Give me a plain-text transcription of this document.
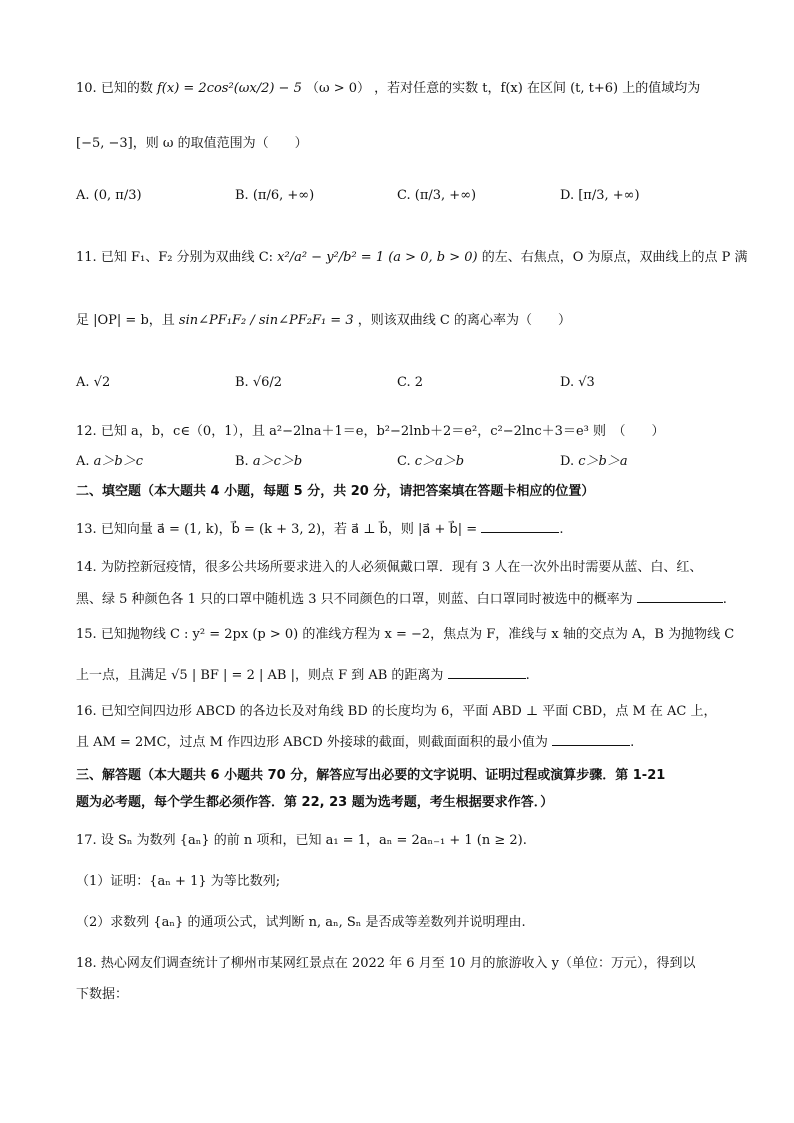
10. 已知的数 f(x) = 2cos²(ωx/2) − 5 （ω > 0） ，若对任意的实数 t，f(x) 在区间 (t, t+6) 上的值域均为
[−5, −3]，则 ω 的取值范围为（　　）
A. (0, π/3)	B. (π/6, +∞)	C. (π/3, +∞)	D. [π/3, +∞)
11. 已知 F₁、F₂ 分别为双曲线 C: x²/a² − y²/b² = 1 (a > 0, b > 0) 的左、右焦点，O 为原点，双曲线上的点 P 满
足 |OP| = b，且 sin∠PF₁F₂ / sin∠PF₂F₁ = 3 ，则该双曲线 C 的离心率为（　　）
A. √2	B. √6/2	C. 2	D. √3
12. 已知 a，b，c∈（0，1），且 a²−2lna＋1＝e，b²−2lnb＋2＝e²，c²−2lnc＋3＝e³ 则　（　　）
A. a＞b＞c	B. a＞c＞b	C. c＞a＞b	D. c＞b＞a
二、填空题（本大题共 4 小题，每题 5 分，共 20 分，请把答案填在答题卡相应的位置）
13. 已知向量 a⃗ = (1, k)，b⃗ = (k + 3, 2)，若 a⃗ ⊥ b⃗，则 |a⃗ + b⃗| =	.
14. 为防控新冠疫情，很多公共场所要求进入的人必须佩戴口罩．现有 3 人在一次外出时需要从蓝、白、红、
黑、绿 5 种颜色各 1 只的口罩中随机选 3 只不同颜色的口罩，则蓝、白口罩同时被选中的概率为	.
15. 已知抛物线 C : y² = 2px (p > 0) 的准线方程为 x = −2，焦点为 F，准线与 x 轴的交点为 A，B 为抛物线 C
上一点，且满足 √5 | BF | = 2 | AB |，则点 F 到 AB 的距离为	.
16. 已知空间四边形 ABCD 的各边长及对角线 BD 的长度均为 6，平面 ABD ⊥ 平面 CBD，点 M 在 AC 上，
且 AM = 2MC，过点 M 作四边形 ABCD 外接球的截面，则截面面积的最小值为	.
三、解答题（本大题共 6 小题共 70 分，解答应写出必要的文字说明、证明过程或演算步骤．第 1-21
题为必考题，每个学生都必须作答．第 22, 23 题为选考题，考生根据要求作答．）
17. 设 Sₙ 为数列 {aₙ} 的前 n 项和，已知 a₁ = 1，aₙ = 2aₙ₋₁ + 1 (n ≥ 2).
（1）证明：{aₙ + 1} 为等比数列;
（2）求数列 {aₙ} 的通项公式，试判断 n, aₙ, Sₙ 是否成等差数列并说明理由.
18. 热心网友们调查统计了柳州市某网红景点在 2022 年 6 月至 10 月的旅游收入 y（单位：万元），得到以
下数据：
